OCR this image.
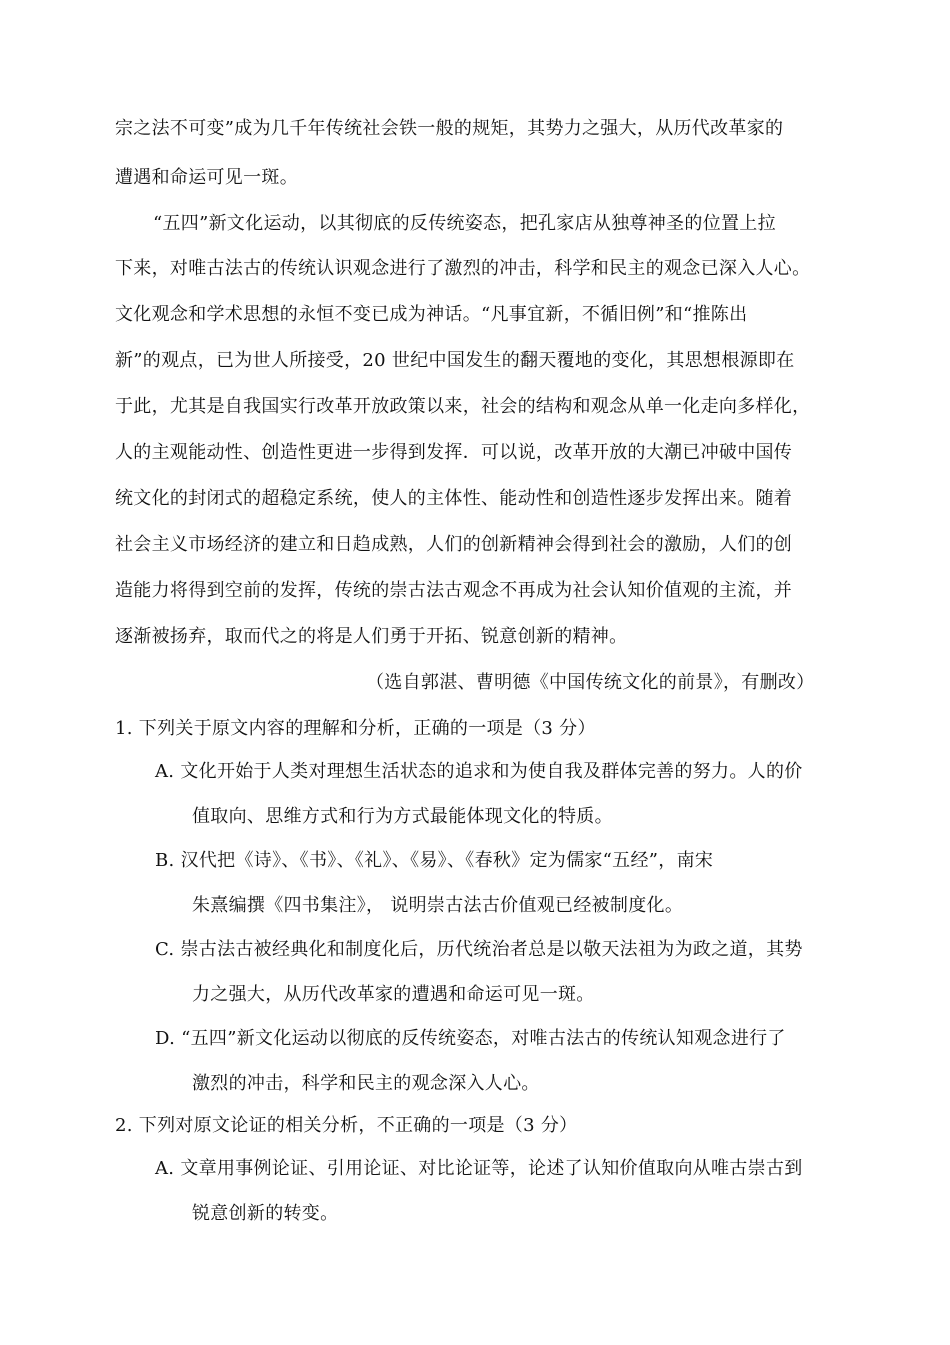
宗之法不可变”成为几千年传统社会铁一般的规矩，其势力之强大，从历代改革家的
遭遇和命运可见一斑。
“五四”新文化运动，以其彻底的反传统姿态，把孔家店从独尊神圣的位置上拉
下来，对唯古法古的传统认识观念进行了激烈的冲击，科学和民主的观念已深入人心。
文化观念和学术思想的永恒不变已成为神话。“凡事宜新，不循旧例”和“推陈出
新”的观点，已为世人所接受，20 世纪中国发生的翻天覆地的变化，其思想根源即在
于此，尤其是自我国实行改革开放政策以来，社会的结构和观念从单一化走向多样化，
人的主观能动性、创造性更进一步得到发挥．可以说，改革开放的大潮已冲破中国传
统文化的封闭式的超稳定系统，使人的主体性、能动性和创造性逐步发挥出来。随着
社会主义市场经济的建立和日趋成熟，人们的创新精神会得到社会的激励，人们的创
造能力将得到空前的发挥，传统的崇古法古观念不再成为社会认知价值观的主流，并
逐渐被扬弃，取而代之的将是人们勇于开拓、锐意创新的精神。
（选自郭湛、曹明德《中国传统文化的前景》，有删改）
1. 下列关于原文内容的理解和分析，正确的一项是（3 分）
A. 文化开始于人类对理想生活状态的追求和为使自我及群体完善的努力。人的价
值取向、思维方式和行为方式最能体现文化的特质。
B. 汉代把《诗》、《书》、《礼》、《易》、《春秋》定为儒家“五经”，南宋
朱熹编撰《四书集注》， 说明崇古法古价值观已经被制度化。
C. 崇古法古被经典化和制度化后，历代统治者总是以敬天法祖为为政之道，其势
力之强大，从历代改革家的遭遇和命运可见一斑。
D. “五四”新文化运动以彻底的反传统姿态，对唯古法古的传统认知观念进行了
激烈的冲击，科学和民主的观念深入人心。
2. 下列对原文论证的相关分析，不正确的一项是（3 分）
A. 文章用事例论证、引用论证、对比论证等，论述了认知价值取向从唯古崇古到
锐意创新的转变。
